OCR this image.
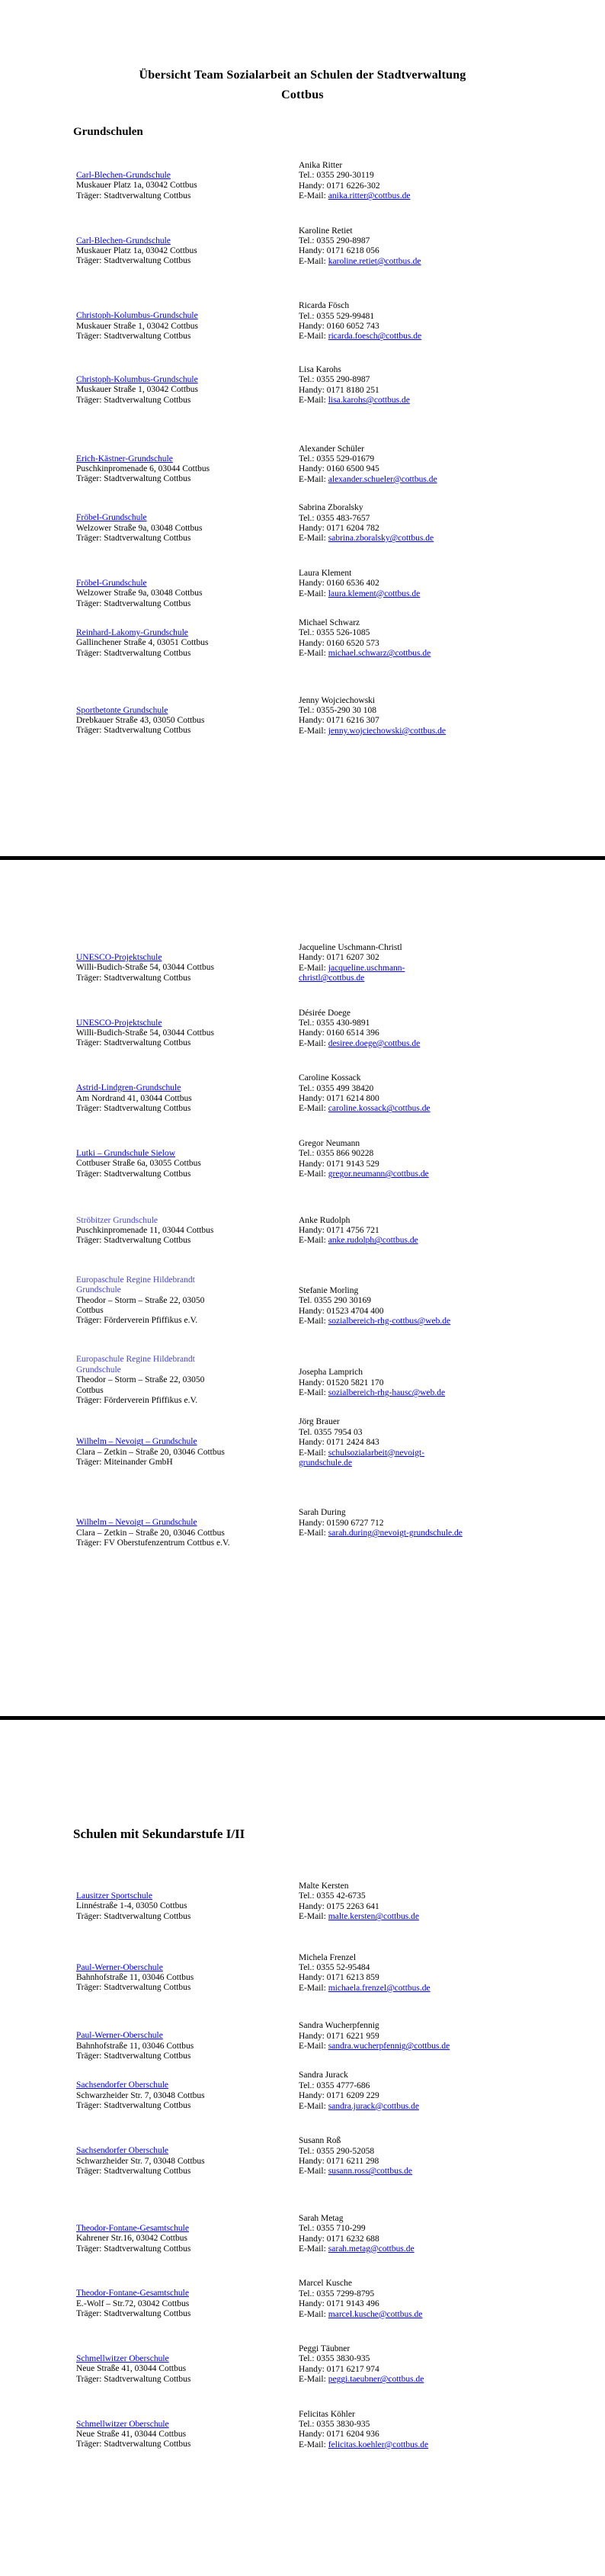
Übersicht Team Sozialarbeit an Schulen der Stadtverwaltung
Cottbus
Grundschulen
Carl-Blechen-Grundschule
Muskauer Platz 1a, 03042 Cottbus
Träger: Stadtverwaltung Cottbus
Anika Ritter
Tel.: 0355 290-30119
Handy: 0171 6226-302
E-Mail: anika.ritter@cottbus.de
Carl-Blechen-Grundschule
Muskauer Platz 1a, 03042 Cottbus
Träger: Stadtverwaltung Cottbus
Karoline Retiet
Tel.: 0355 290-8987
Handy: 0171 6218 056
E-Mail: karoline.retiet@cottbus.de
Christoph-Kolumbus-Grundschule
Muskauer Straße 1, 03042 Cottbus
Träger: Stadtverwaltung Cottbus
Ricarda Fösch
Tel.: 0355 529-99481
Handy: 0160 6052 743
E-Mail: ricarda.foesch@cottbus.de
Christoph-Kolumbus-Grundschule
Muskauer Straße 1, 03042 Cottbus
Träger: Stadtverwaltung Cottbus
Lisa Karohs
Tel.: 0355 290-8987
Handy: 0171 8180 251
E-Mail: lisa.karohs@cottbus.de
Erich-Kästner-Grundschule
Puschkinpromenade 6, 03044 Cottbus
Träger: Stadtverwaltung Cottbus
Alexander Schüler
Tel.: 0355 529-01679
Handy: 0160 6500 945
E-Mail: alexander.schueler@cottbus.de
Fröbel-Grundschule
Welzower Straße 9a, 03048 Cottbus
Träger: Stadtverwaltung Cottbus
Sabrina Zboralsky
Tel.: 0355 483-7657
Handy: 0171 6204 782
E-Mail: sabrina.zboralsky@cottbus.de
Fröbel-Grundschule
Welzower Straße 9a, 03048 Cottbus
Träger: Stadtverwaltung Cottbus
Laura Klement
Handy: 0160 6536 402
E-Mail: laura.klement@cottbus.de
Reinhard-Lakomy-Grundschule
Gallinchener Straße 4, 03051 Cottbus
Träger: Stadtverwaltung Cottbus
Michael Schwarz
Tel.: 0355 526-1085
Handy: 0160 6520 573
E-Mail: michael.schwarz@cottbus.de
Sportbetonte Grundschule
Drebkauer Straße 43, 03050 Cottbus
Träger: Stadtverwaltung Cottbus
Jenny Wojciechowski
Tel.: 0355-290 30 108
Handy: 0171 6216 307
E-Mail: jenny.wojciechowski@cottbus.de
UNESCO-Projektschule
Willi-Budich-Straße 54, 03044 Cottbus
Träger: Stadtverwaltung Cottbus
Jacqueline Uschmann-Christl
Handy: 0171 6207 302
E-Mail: jacqueline.uschmann-
christl@cottbus.de
UNESCO-Projektschule
Willi-Budich-Straße 54, 03044 Cottbus
Träger: Stadtverwaltung Cottbus
Désirée Doege
Tel.: 0355 430-9891
Handy: 0160 6514 396
E-Mail: desiree.doege@cottbus.de
Astrid-Lindgren-Grundschule
Am Nordrand 41, 03044 Cottbus
Träger: Stadtverwaltung Cottbus
Caroline Kossack
Tel.: 0355 499 38420
Handy: 0171 6214 800
E-Mail: caroline.kossack@cottbus.de
Lutki – Grundschule Sielow
Cottbuser Straße 6a, 03055 Cottbus
Träger: Stadtverwaltung Cottbus
Gregor Neumann
Tel.: 0355 866 90228
Handy: 0171 9143 529
E-Mail: gregor.neumann@cottbus.de
Ströbitzer Grundschule
Puschkinpromenade 11, 03044 Cottbus
Träger: Stadtverwaltung Cottbus
Anke Rudolph
Handy: 0171 4756 721
E-Mail: anke.rudolph@cottbus.de
Europaschule Regine Hildebrandt
Grundschule
Theodor – Storm – Straße 22, 03050
Cottbus
Träger: Förderverein Pfiffikus e.V.
Stefanie Morling
Tel. 0355 290 30169
Handy: 01523 4704 400
E-Mail: sozialbereich-rhg-cottbus@web.de
Europaschule Regine Hildebrandt
Grundschule
Theodor – Storm – Straße 22, 03050
Cottbus
Träger: Förderverein Pfiffikus e.V.
Josepha Lamprich
Handy: 01520 5821 170
E-Mail: sozialbereich-rhg-hausc@web.de
Wilhelm – Nevoigt – Grundschule
Clara – Zetkin – Straße 20, 03046 Cottbus
Träger: Miteinander GmbH
Jörg Brauer
Tel. 0355 7954 03
Handy: 0171 2424 843
E-Mail: schulsozialarbeit@nevoigt-
grundschule.de
Wilhelm – Nevoigt – Grundschule
Clara – Zetkin – Straße 20, 03046 Cottbus
Träger: FV Oberstufenzentrum Cottbus e.V.
Sarah During
Handy: 01590 6727 712
E-Mail: sarah.during@nevoigt-grundschule.de
Schulen mit Sekundarstufe I/II
Lausitzer Sportschule
Linnéstraße 1-4, 03050 Cottbus
Träger: Stadtverwaltung Cottbus
Malte Kersten
Tel.: 0355 42-6735
Handy: 0175 2263 641
E-Mail: malte.kersten@cottbus.de
Paul-Werner-Oberschule
Bahnhofstraße 11, 03046 Cottbus
Träger: Stadtverwaltung Cottbus
Michela Frenzel
Tel.: 0355 52-95484
Handy: 0171 6213 859
E-Mail: michaela.frenzel@cottbus.de
Paul-Werner-Oberschule
Bahnhofstraße 11, 03046 Cottbus
Träger: Stadtverwaltung Cottbus
Sandra Wucherpfennig
Handy: 0171 6221 959
E-Mail: sandra.wucherpfennig@cottbus.de
Sachsendorfer Oberschule
Schwarzheider Str. 7, 03048 Cottbus
Träger: Stadtverwaltung Cottbus
Sandra Jurack
Tel.: 0355 4777-686
Handy: 0171 6209 229
E-Mail: sandra.jurack@cottbus.de
Sachsendorfer Oberschule
Schwarzheider Str. 7, 03048 Cottbus
Träger: Stadtverwaltung Cottbus
Susann Roß
Tel.: 0355 290-52058
Handy: 0171 6211 298
E-Mail: susann.ross@cottbus.de
Theodor-Fontane-Gesamtschule
Kahrener Str.16, 03042 Cottbus
Träger: Stadtverwaltung Cottbus
Sarah Metag
Tel.: 0355 710-299
Handy: 0171 6232 688
E-Mail: sarah.metag@cottbus.de
Theodor-Fontane-Gesamtschule
E.-Wolf – Str.72, 03042 Cottbus
Träger: Stadtverwaltung Cottbus
Marcel Kusche
Tel.: 0355 7299-8795
Handy: 0171 9143 496
E-Mail: marcel.kusche@cottbus.de
Schmellwitzer Oberschule
Neue Straße 41, 03044 Cottbus
Träger: Stadtverwaltung Cottbus
Peggi Täubner
Tel.: 0355 3830-935
Handy: 0171 6217 974
E-Mail: peggi.taeubner@cottbus.de
Schmellwitzer Oberschule
Neue Straße 41, 03044 Cottbus
Träger: Stadtverwaltung Cottbus
Felicitas Köhler
Tel.: 0355 3830-935
Handy: 0171 6204 936
E-Mail: felicitas.koehler@cottbus.de
